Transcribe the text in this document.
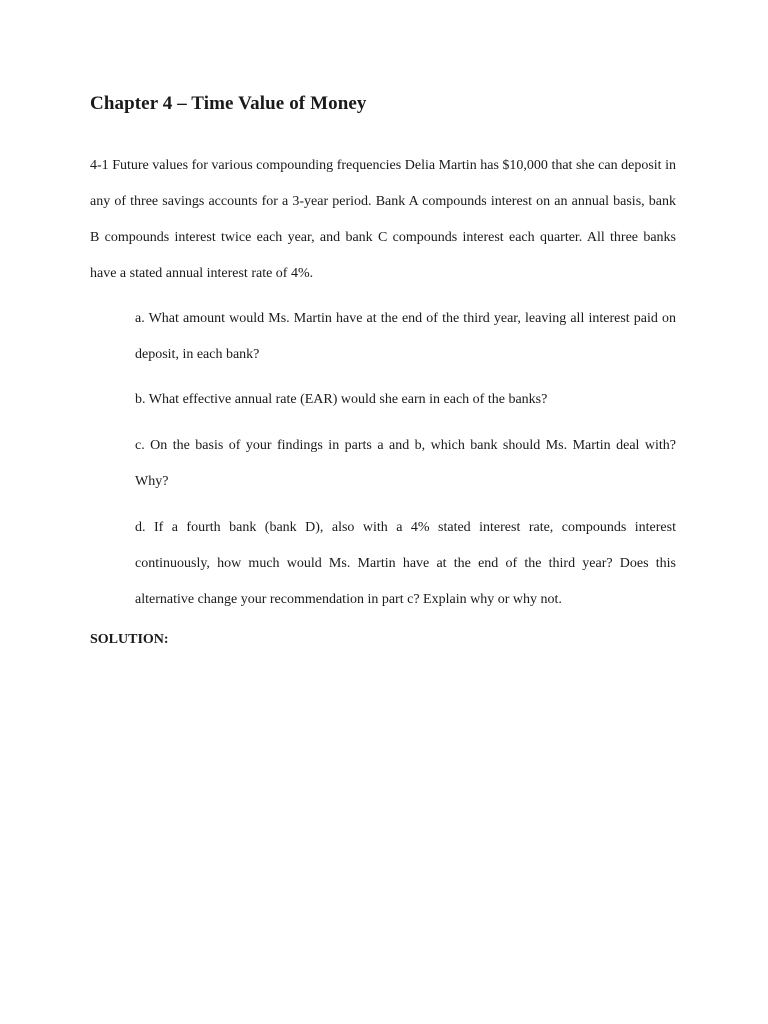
Chapter 4 – Time Value of Money

4-1 Future values for various compounding frequencies Delia Martin has $10,000 that she can deposit in any of three savings accounts for a 3-year period. Bank A compounds interest on an annual basis, bank B compounds interest twice each year, and bank C compounds interest each quarter. All three banks have a stated annual interest rate of 4%.

a. What amount would Ms. Martin have at the end of the third year, leaving all interest paid on deposit, in each bank?

b. What effective annual rate (EAR) would she earn in each of the banks?

c. On the basis of your findings in parts a and b, which bank should Ms. Martin deal with? Why?

d. If a fourth bank (bank D), also with a 4% stated interest rate, compounds interest continuously, how much would Ms. Martin have at the end of the third year? Does this alternative change your recommendation in part c? Explain why or why not.

SOLUTION:
